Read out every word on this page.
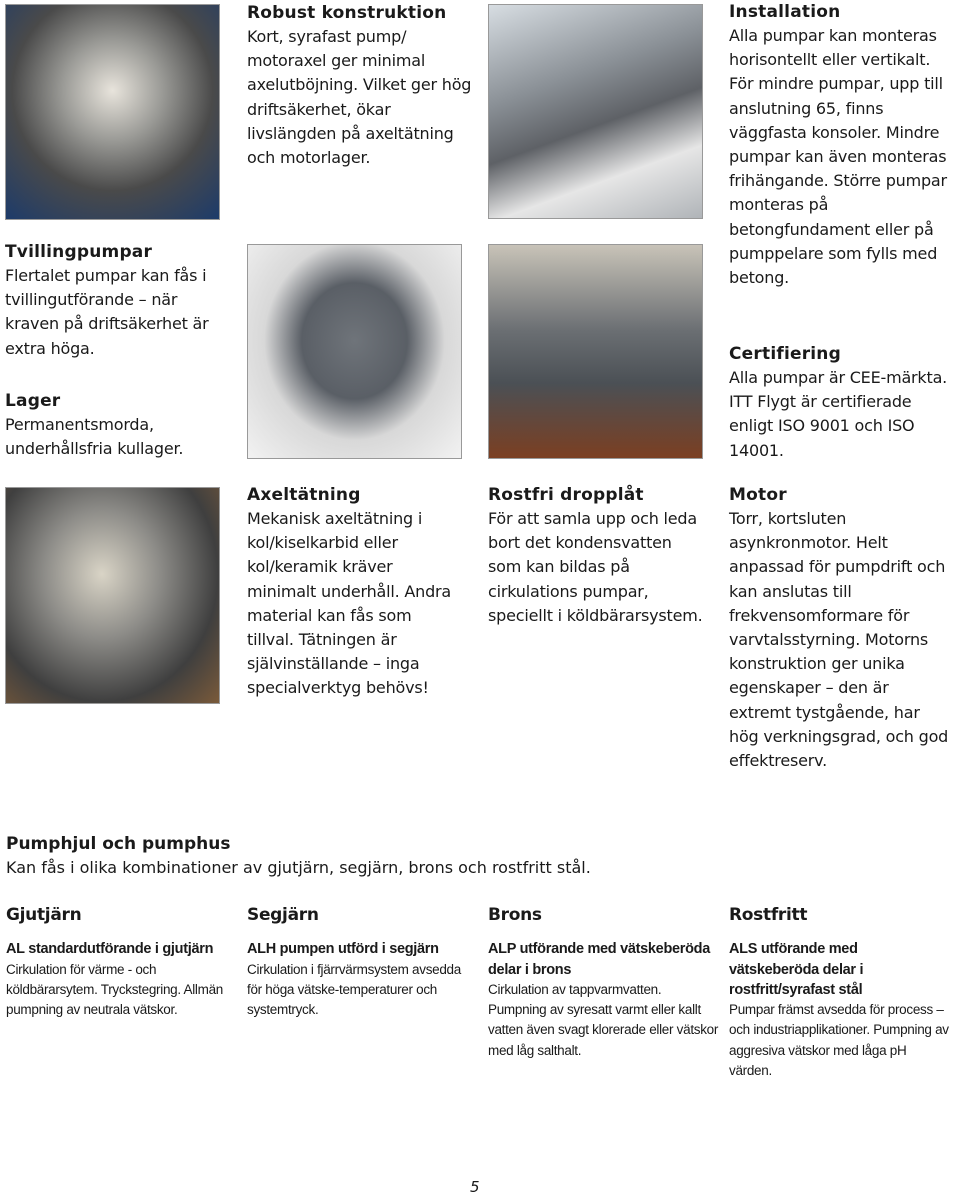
Robust konstruktion

Kort, syrafast pump/ motoraxel ger minimal axelutböjning. Vilket ger hög driftsäkerhet, ökar livslängden på axeltätning och motorlager.

Installation

Alla pumpar kan monteras horisontellt eller vertikalt. För mindre pumpar, upp till anslutning 65, finns väggfasta konsoler. Mindre pumpar kan även monteras frihängande. Större pumpar monteras på betongfundament eller på pumppelare som fylls med betong.

Tvillingpumpar

Flertalet pumpar kan fås i tvillingutförande – när kraven på driftsäkerhet är extra höga.

Lager

Permanentsmorda, underhållsfria kullager.

Certifiering

Alla pumpar är CEE-märkta. ITT Flygt är certifierade enligt ISO 9001 och ISO 14001.

Axeltätning

Mekanisk axeltätning i kol/kiselkarbid eller kol/keramik kräver minimalt underhåll. Andra material kan fås som tillval. Tätningen är självinställande – inga specialverktyg behövs!

Rostfri dropplåt

För att samla upp och leda bort det kondensvatten som kan bildas på cirkulations pumpar, speciellt i köldbärarsystem.

Motor

Torr, kortsluten asynkronmotor. Helt anpassad för pumpdrift och kan anslutas till frekvensomformare för varvtalsstyrning. Motorns konstruktion ger unika egenskaper – den är extremt tystgående, har hög verkningsgrad, och god effektreserv.

Pumphjul och pumphus

Kan fås i olika kombinationer av gjutjärn, segjärn, brons och rostfritt stål.

Gjutjärn
AL standardutförande i gjutjärn

Cirkulation för värme - och köldbärarsytem. Tryckstegring. Allmän pumpning av neutrala vätskor.

Segjärn
ALH pumpen utförd i segjärn

Cirkulation i fjärrvärmsystem avsedda för höga vätske-temperaturer och systemtryck.

Brons
ALP utförande med vätskeberöda delar i brons

Cirkulation av tappvarmvatten. Pumpning av syresatt varmt eller kallt vatten även svagt klorerade eller vätskor med låg salthalt.

Rostfritt
ALS utförande med vätskeberöda delar i rostfritt/syrafast stål

Pumpar främst avsedda för process – och industriapplikationer. Pumpning av aggresiva vätskor med låga pH värden.

5
